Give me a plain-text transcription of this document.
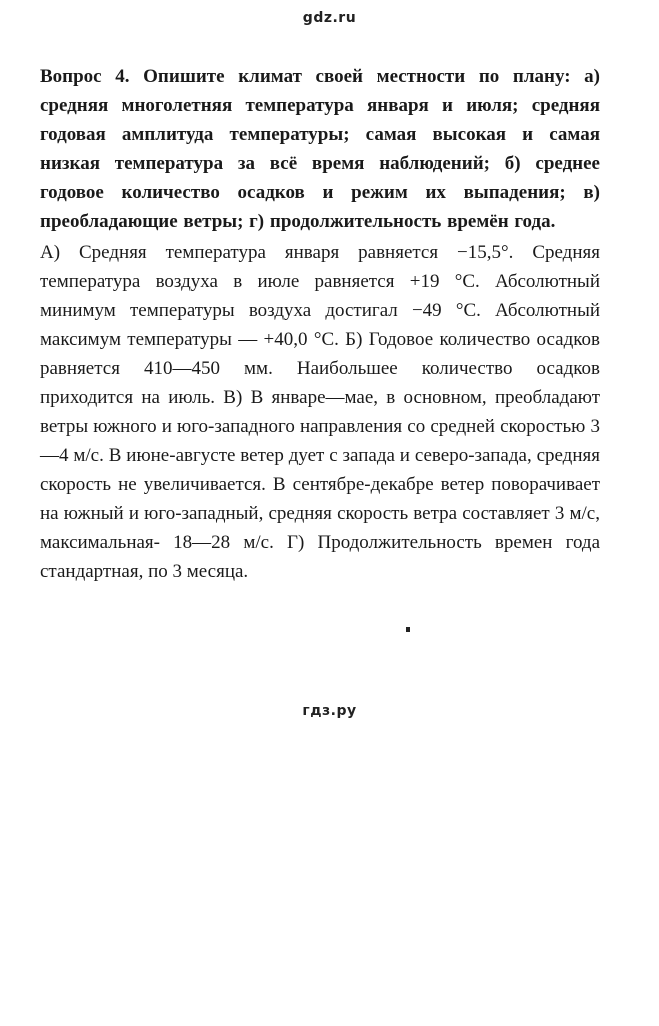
gdz.ru

Вопрос 4. Опишите климат своей местности по плану: а) средняя многолетняя температура января и июля; средняя годовая амплитуда температуры; самая высокая и самая низкая температура за всё время наблюдений; б) среднее годовое количество осадков и режим их выпадения; в) преобладающие ветры; г) продолжительность времён года.

А) Средняя температура января равняется −15,5°. Средняя температура воздуха в июле равняется +19 °С. Абсолютный минимум температуры воздуха достигал −49 °С. Абсолютный максимум температуры — +40,0 °С. Б) Годовое количество осадков равняется 410—450 мм. Наибольшее количество осадков приходится на июль. В) В январе—мае, в основном, преобладают ветры южного и юго-западного направления со средней скоростью 3—4 м/с. В июне-августе ветер дует с запада и северо-запада, средняя скорость не увеличивается. В сентябре-декабре ветер поворачивает на южный и юго-западный, средняя скорость ветра составляет 3 м/с, максимальная- 18—28 м/с. Г) Продолжительность времен года стандартная, по 3 месяца.

гдз.ру
